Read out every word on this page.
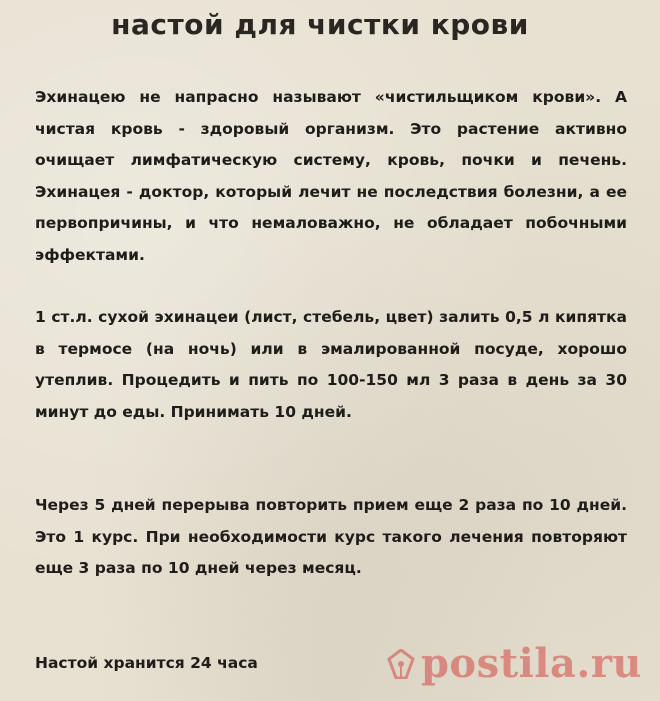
настой для чистки крови

Эхинацею не напрасно называют «чистильщиком крови». А чистая кровь - здоровый организм. Это растение активно очищает лимфатическую систему, кровь, почки и печень. Эхинацея - доктор, который лечит не последствия болезни, а ее первопричины, и что немаловажно, не обладает побочными эффектами.

1 ст.л. сухой эхинацеи (лист, стебель, цвет) залить 0,5 л кипятка в термосе (на ночь) или в эмалированной посуде, хорошо утеплив. Процедить и пить по 100-150 мл 3 раза в день за 30 минут до еды. Принимать 10 дней.

Через 5 дней перерыва повторить прием еще 2 раза по 10 дней. Это 1 курс. При необходимости курс такого лечения повторяют еще 3 раза по 10 дней через месяц.

Настой хранится 24 часа	postila.ru
